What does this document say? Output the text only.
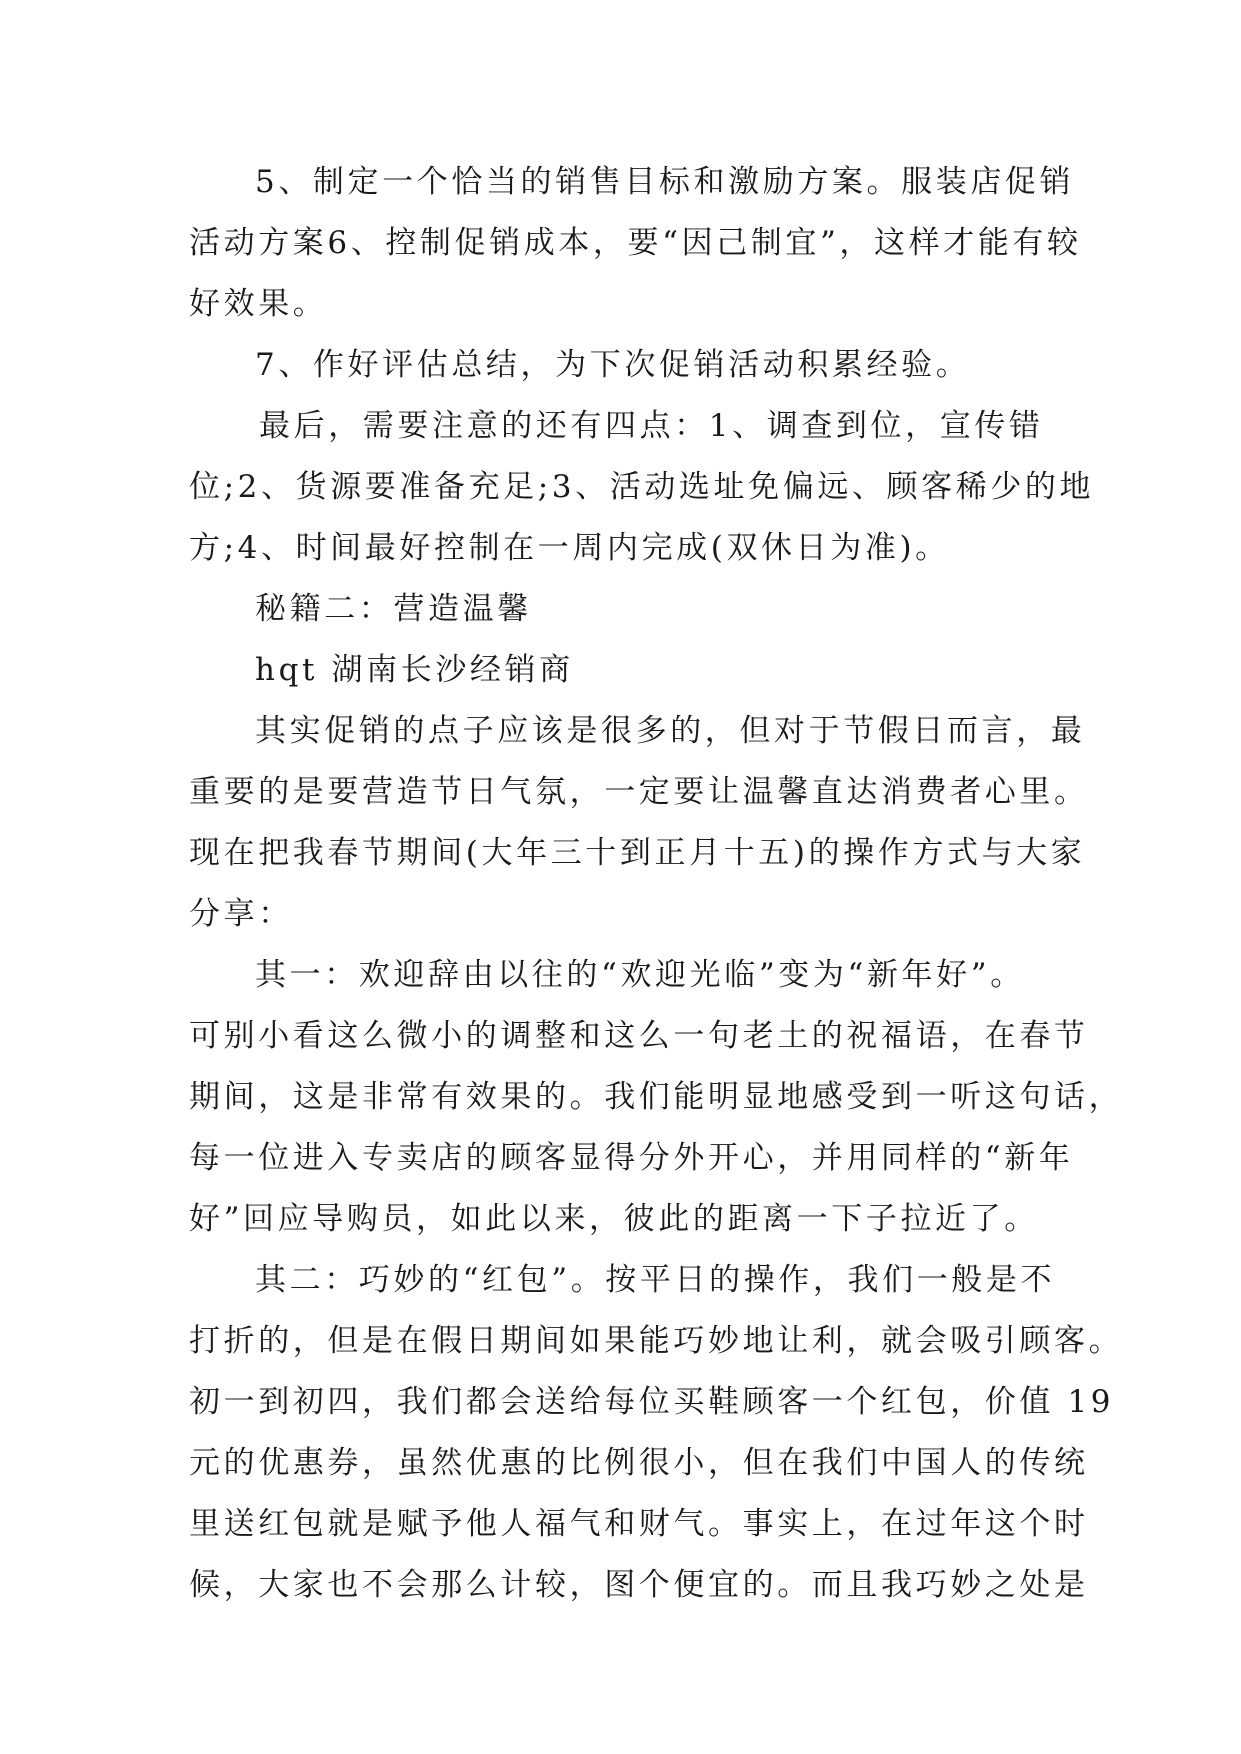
5、制定一个恰当的销售目标和激励方案。服装店促销
活动方案6、控制促销成本，要“因己制宜”，这样才能有较
好效果。
7、作好评估总结，为下次促销活动积累经验。
最后，需要注意的还有四点：1、调查到位，宣传错
位;2、货源要准备充足;3、活动选址免偏远、顾客稀少的地
方;4、时间最好控制在一周内完成(双休日为准)。
秘籍二：营造温馨
hqt 湖南长沙经销商
其实促销的点子应该是很多的，但对于节假日而言，最
重要的是要营造节日气氛，一定要让温馨直达消费者心里。
现在把我春节期间(大年三十到正月十五)的操作方式与大家
分享：
其一：欢迎辞由以往的“欢迎光临”变为“新年好”。
可别小看这么微小的调整和这么一句老土的祝福语，在春节
期间，这是非常有效果的。我们能明显地感受到一听这句话，
每一位进入专卖店的顾客显得分外开心，并用同样的“新年
好”回应导购员，如此以来，彼此的距离一下子拉近了。
其二：巧妙的“红包”。按平日的操作，我们一般是不
打折的，但是在假日期间如果能巧妙地让利，就会吸引顾客。
初一到初四，我们都会送给每位买鞋顾客一个红包，价值 19
元的优惠券，虽然优惠的比例很小，但在我们中国人的传统
里送红包就是赋予他人福气和财气。事实上，在过年这个时
候，大家也不会那么计较，图个便宜的。而且我巧妙之处是
